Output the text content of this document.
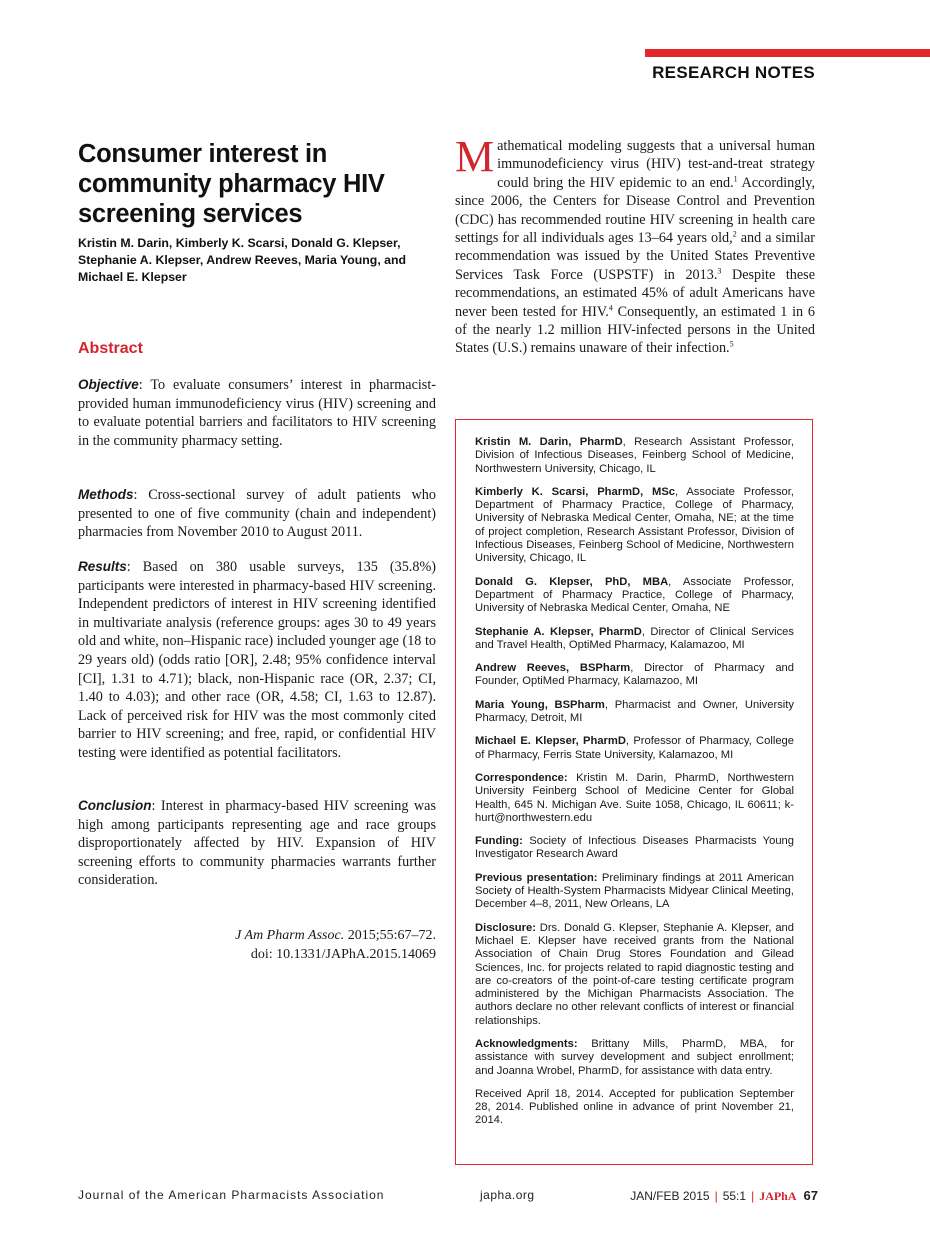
RESEARCH NOTES
Consumer interest in community pharmacy HIV screening services
Kristin M. Darin, Kimberly K. Scarsi, Donald G. Klepser, Stephanie A. Klepser, Andrew Reeves, Maria Young, and Michael E. Klepser
Abstract

Objective: To evaluate consumers’ interest in pharmacist-provided human immunodeficiency virus (HIV) screening and to evaluate potential barriers and facilitators to HIV screening in the community pharmacy setting.

Methods: Cross-sectional survey of adult patients who presented to one of five community (chain and independent) pharmacies from November 2010 to August 2011.

Results: Based on 380 usable surveys, 135 (35.8%) participants were interested in pharmacy-based HIV screening. Independent predictors of interest in HIV screening identified in multivariate analysis (reference groups: ages 30 to 49 years old and white, non–Hispanic race) included younger age (18 to 29 years old) (odds ratio [OR], 2.48; 95% confidence interval [CI], 1.31 to 4.71); black, non-Hispanic race (OR, 2.37; CI, 1.40 to 4.03); and other race (OR, 4.58; CI, 1.63 to 12.87). Lack of perceived risk for HIV was the most commonly cited barrier to HIV screening; and free, rapid, or confidential HIV testing were identified as potential facilitators.

Conclusion: Interest in pharmacy-based HIV screening was high among participants representing age and race groups disproportionately affected by HIV. Expansion of HIV screening efforts to community pharmacies warrants further consideration.

J Am Pharm Assoc. 2015;55:67–72.
doi: 10.1331/JAPhA.2015.14069

Mathematical modeling suggests that a universal human immunodeficiency virus (HIV) test-and-treat strategy could bring the HIV epidemic to an end.$^1$ Accordingly, since 2006, the Centers for Disease Control and Prevention (CDC) has recommended routine HIV screening in health care settings for all individuals ages 13–64 years old,$^2$ and a similar recommendation was issued by the United States Preventive Services Task Force (USPSTF) in 2013.$^3$ Despite these recommendations, an estimated 45% of adult Americans have never been tested for HIV.$^4$ Consequently, an estimated 1 in 6 of the nearly 1.2 million HIV-infected persons in the United States (U.S.) remains unaware of their infection.$^5$

Kristin M. Darin, PharmD, Research Assistant Professor, Division of Infectious Diseases, Feinberg School of Medicine, Northwestern University, Chicago, IL

Kimberly K. Scarsi, PharmD, MSc, Associate Professor, Department of Pharmacy Practice, College of Pharmacy, University of Nebraska Medical Center, Omaha, NE; at the time of project completion, Research Assistant Professor, Division of Infectious Diseases, Feinberg School of Medicine, Northwestern University, Chicago, IL

Donald G. Klepser, PhD, MBA, Associate Professor, Department of Pharmacy Practice, College of Pharmacy, University of Nebraska Medical Center, Omaha, NE

Stephanie A. Klepser, PharmD, Director of Clinical Services and Travel Health, OptiMed Pharmacy, Kalamazoo, MI

Andrew Reeves, BSPharm, Director of Pharmacy and Founder, OptiMed Pharmacy, Kalamazoo, MI

Maria Young, BSPharm, Pharmacist and Owner, University Pharmacy, Detroit, MI

Michael E. Klepser, PharmD, Professor of Pharmacy, College of Pharmacy, Ferris State University, Kalamazoo, MI

Correspondence: Kristin M. Darin, PharmD, Northwestern University Feinberg School of Medicine Center for Global Health, 645 N. Michigan Ave. Suite 1058, Chicago, IL 60611; k-hurt@northwestern.edu

Funding: Society of Infectious Diseases Pharmacists Young Investigator Research Award

Previous presentation: Preliminary findings at 2011 American Society of Health-System Pharmacists Midyear Clinical Meeting, December 4–8, 2011, New Orleans, LA

Disclosure: Drs. Donald G. Klepser, Stephanie A. Klepser, and Michael E. Klepser have received grants from the National Association of Chain Drug Stores Foundation and Gilead Sciences, Inc. for projects related to rapid diagnostic testing and are co-creators of the point-of-care testing certificate program administered by the Michigan Pharmacists Association. The authors declare no other relevant conflicts of interest or financial relationships.

Acknowledgments: Brittany Mills, PharmD, MBA, for assistance with survey development and subject enrollment; and Joanna Wrobel, PharmD, for assistance with data entry.

Received April 18, 2014. Accepted for publication September 28, 2014. Published online in advance of print November 21, 2014.

Journal of the American Pharmacists Association	japha.org	JAN/FEB 2015 | 55:1 | JAPhA 67
